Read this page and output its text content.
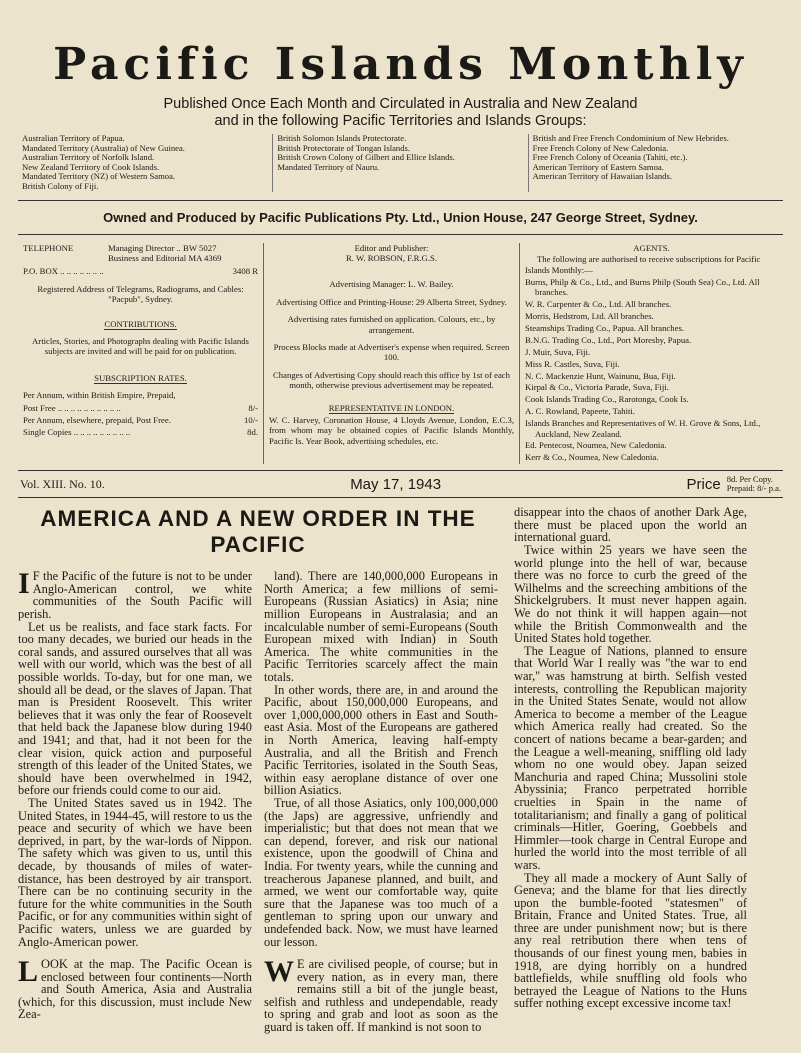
Pacific Islands Monthly
Published Once Each Month and Circulated in Australia and New Zealand
and in the following Pacific Territories and Islands Groups:
Australian Territory of Papua.
Mandated Territory (Australia) of New Guinea.
Australian Territory of Norfolk Island.
New Zealand Territory of Cook Islands.
Mandated Territory (NZ) of Western Samoa.
British Colony of Fiji.
British Solomon Islands Protectorate.
British Protectorate of Tongan Islands.
British Crown Colony of Gilbert and Ellice Islands.
Mandated Territory of Nauru.
British and Free French Condominium of New Hebrides.
Free French Colony of New Caledonia.
Free French Colony of Oceania (Tahiti, etc.).
American Territory of Eastern Samoa.
American Territory of Hawaiian Islands.
Owned and Produced by Pacific Publications Pty. Ltd., Union House, 247 George Street, Sydney.
TELEPHONE	Managing Director .. BW 5027
Business and Editorial MA 4369
P.O. BOX .. .. .. .. .. .. ..	3408 R
Registered Address of Telegrams, Radiograms, and Cables: "Pacpub", Sydney.
CONTRIBUTIONS.
Articles, Stories, and Photographs dealing with Pacific Islands subjects are invited and will be paid for on publication.
SUBSCRIPTION RATES.
Per Annum, within British Empire, Prepaid,
Post Free .. .. .. .. .. .. .. .. .. ..	8/-
Per Annum, elsewhere, prepaid, Post Free.	10/-
Single Copies .. .. .. .. .. .. .. .. ..	8d.
Editor and Publisher:
R. W. ROBSON, F.R.G.S.
Advertising Manager: L. W. Bailey.
Advertising Office and Printing-House: 29 Alberta Street, Sydney.
Advertising rates furnished on application. Colours, etc., by arrangement.
Process Blocks made at Advertiser's expense when required. Screen 100.
Changes of Advertising Copy should reach this office by 1st of each month, otherwise previous advertisement may be repeated.
REPRESENTATIVE IN LONDON.
W. C. Harvey, Coronation House, 4 Lloyds Avenue, London, E.C.3, from whom may be obtained copies of Pacific Islands Monthly, Pacific Is. Year Book, advertising schedules, etc.
AGENTS.
The following are authorised to receive subscriptions for Pacific Islands Monthly:—
Burns, Philp & Co., Ltd., and Burns Philp (South Sea) Co., Ltd. All branches.
W. R. Carpenter & Co., Ltd. All branches.
Morris, Hedstrom, Ltd. All branches.
Steamships Trading Co., Papua. All branches.
B.N.G. Trading Co., Ltd., Port Moresby, Papua.
J. Muir, Suva, Fiji.
Miss R. Castles, Suva, Fiji.
N. C. Mackenzie Hunt, Wainunu, Bua, Fiji.
Kirpal & Co., Victoria Parade, Suva, Fiji.
Cook Islands Trading Co., Rarotonga, Cook Is.
A. C. Rowland, Papeete, Tahiti.
Islands Branches and Representatives of W. H. Grove & Sons, Ltd., Auckland, New Zealand.
Ed. Pentecost, Noumea, New Caledonia.
Kerr & Co., Noumea, New Caledonia.
Vol. XIII. No. 10.	May 17, 1943	Price 8d. Per Copy.
Prepaid: 8/- p.a.
AMERICA AND A NEW ORDER IN THE PACIFIC

I F the Pacific of the future is not to be under Anglo-American control, we white communities of the South Pacific will perish.

Let us be realists, and face stark facts. For too many decades, we buried our heads in the coral sands, and assured ourselves that all was well with our world, which was the best of all possible worlds. To-day, but for one man, we should all be dead, or the slaves of Japan. That man is President Roosevelt. This writer believes that it was only the fear of Roosevelt that held back the Japanese blow during 1940 and 1941; and that, had it not been for the clear vision, quick action and purposeful strength of this leader of the United States, we should have been overwhelmed in 1942, before our friends could come to our aid.

The United States saved us in 1942. The United States, in 1944-45, will restore to us the peace and security of which we have been deprived, in part, by the war-lords of Nippon. The safety which was given to us, until this decade, by thousands of miles of water-distance, has been destroyed by air transport. There can be no continuing security in the future for the white communities in the South Pacific, or for any communities within sight of Pacific waters, unless we are guarded by Anglo-American power.

LOOK at the map. The Pacific Ocean is enclosed between four continents—North and South America, Asia and Australia (which, for this discussion, must include New Zea-

land). There are 140,000,000 Europeans in North America; a few millions of semi-Europeans (Russian Asiatics) in Asia; nine million Europeans in Australasia; and an incalculable number of semi-Europeans (South European mixed with Indian) in South America. The white communities in the Pacific Territories scarcely affect the main totals.

In other words, there are, in and around the Pacific, about 150,000,000 Europeans, and over 1,000,000,000 others in East and South-east Asia. Most of the Europeans are gathered in North America, leaving half-empty Australia, and all the British and French Pacific Territories, isolated in the South Seas, within easy aeroplane distance of over one billion Asiatics.

True, of all those Asiatics, only 100,000,000 (the Japs) are aggressive, unfriendly and imperialistic; but that does not mean that we can depend, forever, and risk our national existence, upon the goodwill of China and India. For twenty years, while the cunning and treacherous Japanese planned, and built, and armed, we went our comfortable way, quite sure that the Japanese was too much of a gentleman to spring upon our unwary and undefended back. Now, we must have learned our lesson.

W E are civilised people, of course; but in every nation, as in every man, there remains still a bit of the jungle beast, selfish and ruthless and undependable, ready to spring and grab and loot as soon as the guard is taken off. If mankind is not soon to

disappear into the chaos of another Dark Age, there must be placed upon the world an international guard.

Twice within 25 years we have seen the world plunge into the hell of war, because there was no force to curb the greed of the Wilhelms and the screeching ambitions of the Shickelgrubers. It must never happen again. We do not think it will happen again—not while the British Commonwealth and the United States hold together.

The League of Nations, planned to ensure that World War I really was "the war to end war," was hamstrung at birth. Selfish vested interests, controlling the Republican majority in the United States Senate, would not allow America to become a member of the League which America really had created. So the concert of nations became a bear-garden; and the League a well-meaning, sniffling old lady whom no one would obey. Japan seized Manchuria and raped China; Mussolini stole Abyssinia; Franco perpetrated horrible cruelties in Spain in the name of totalitarianism; and finally a gang of political criminals—Hitler, Goering, Goebbels and Himmler—took charge in Central Europe and hurled the world into the most terrible of all wars.

They all made a mockery of Aunt Sally of Geneva; and the blame for that lies directly upon the bumble-footed "statesmen" of Britain, France and United States. True, all three are under punishment now; but is there any real retribution there when tens of thousands of our finest young men, babies in 1918, are dying horribly on a hundred battlefields, while snuffling old fools who betrayed the League of Nations to the Huns suffer nothing except excessive income tax!
